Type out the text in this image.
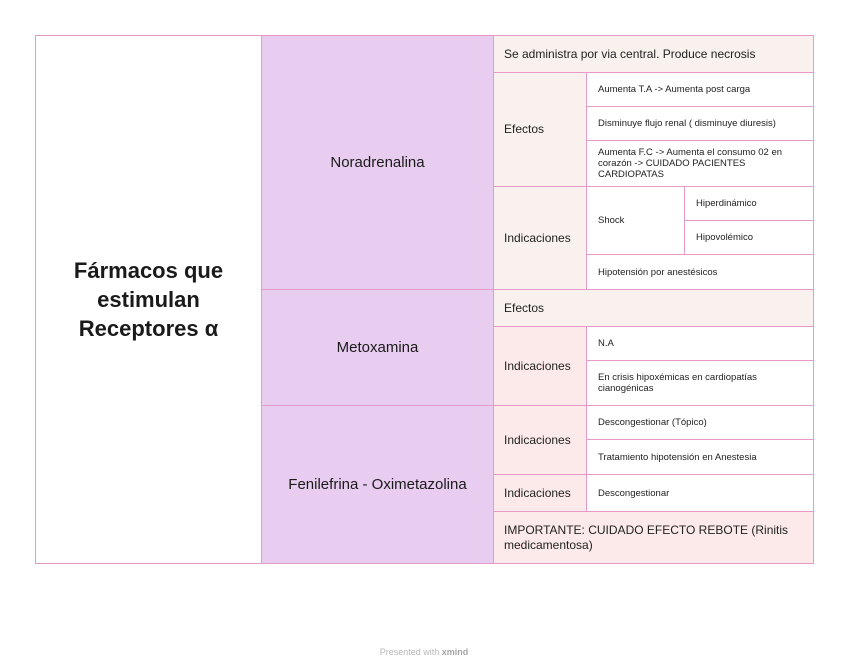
Fármacos que estimulan Receptores α
Noradrenalina
Se administra por via central. Produce necrosis
Efectos
Aumenta T.A -> Aumenta post carga
Disminuye flujo renal ( disminuye diuresis)
Aumenta F.C -> Aumenta el consumo 02 en corazón -> CUIDADO PACIENTES CARDIOPATAS
Indicaciones
Shock
Hiperdinámico
Hipovolémico
Hipotensión por anestésicos
Metoxamina
Efectos
Indicaciones
N.A
En crisis hipoxémicas en cardiopatías cianogénicas
Fenilefrina - Oximetazolina
Indicaciones
Descongestionar (Tópico)
Tratamiento hipotensión en Anestesia
Indicaciones	Descongestionar
IMPORTANTE: CUIDADO EFECTO REBOTE (Rinitis medicamentosa)
Presented with xmind
